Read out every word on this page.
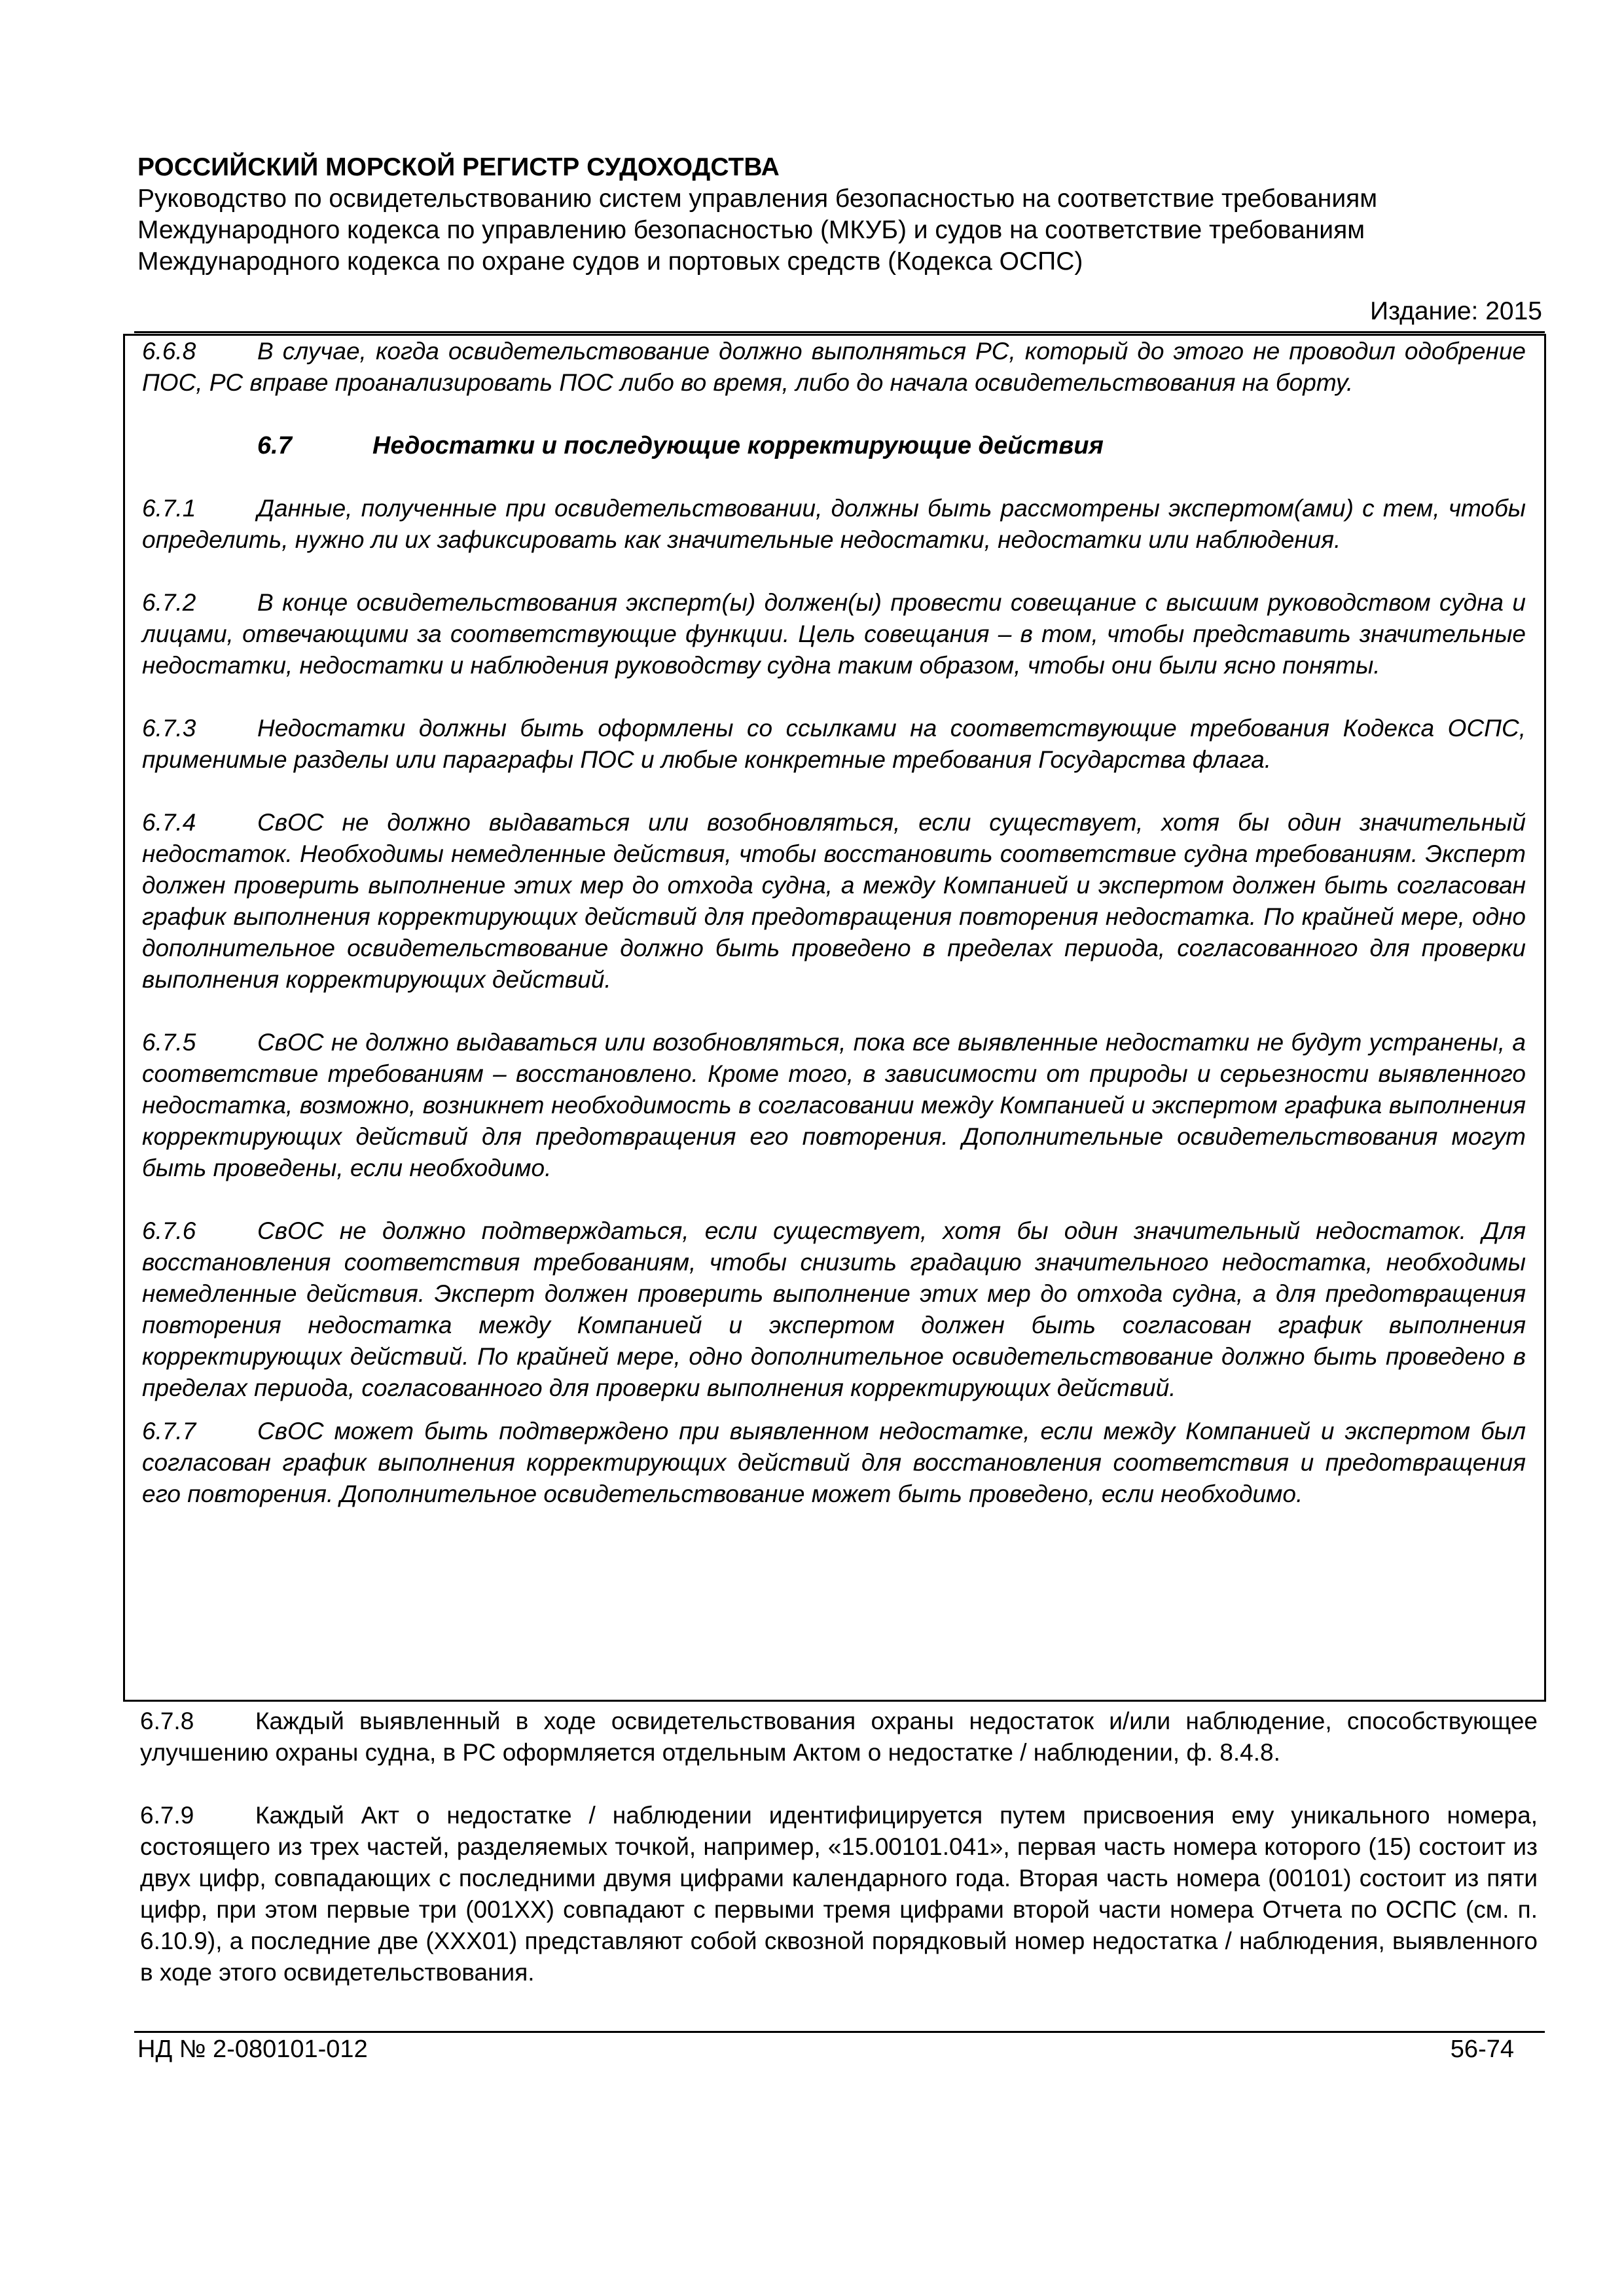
РОССИЙСКИЙ МОРСКОЙ РЕГИСТР СУДОХОДСТВА
Руководство по освидетельствованию систем управления безопасностью на соответствие требованиям Международного кодекса по управлению безопасностью (МКУБ) и судов на соответствие требованиям Международного кодекса по охране судов и портовых средств (Кодекса ОСПС)
Издание: 2015

6.6.8	В случае, когда освидетельствование должно выполняться РС, который до этого не проводил одобрение ПОС, РС вправе проанализировать ПОС либо во время, либо до начала освидетельствования на борту.

6.7	Недостатки и последующие корректирующие действия

6.7.1	Данные, полученные при освидетельствовании, должны быть рассмотрены экспертом(ами) с тем, чтобы определить, нужно ли их зафиксировать как значительные недостатки, недостатки или наблюдения.

6.7.2	В конце освидетельствования эксперт(ы) должен(ы) провести совещание с высшим руководством судна и лицами, отвечающими за соответствующие функции. Цель совещания – в том, чтобы представить значительные недостатки, недостатки и наблюдения руководству судна таким образом, чтобы они были ясно поняты.

6.7.3	Недостатки должны быть оформлены со ссылками на соответствующие требования Кодекса ОСПС, применимые разделы или параграфы ПОС и любые конкретные требования Государства флага.

6.7.4	СвОС не должно выдаваться или возобновляться, если существует, хотя бы один значительный недостаток. Необходимы немедленные действия, чтобы восстановить соответствие судна требованиям. Эксперт должен проверить выполнение этих мер до отхода судна, а между Компанией и экспертом должен быть согласован график выполнения корректирующих действий для предотвращения повторения недостатка. По крайней мере, одно дополнительное освидетельствование должно быть проведено в пределах периода, согласованного для проверки выполнения корректирующих действий.

6.7.5	СвОС не должно выдаваться или возобновляться, пока все выявленные недостатки не будут устранены, а соответствие требованиям – восстановлено. Кроме того, в зависимости от природы и серьезности выявленного недостатка, возможно, возникнет необходимость в согласовании между Компанией и экспертом графика выполнения корректирующих действий для предотвращения его повторения. Дополнительные освидетельствования могут быть проведены, если необходимо.

6.7.6	СвОС не должно подтверждаться, если существует, хотя бы один значительный недостаток. Для восстановления соответствия требованиям, чтобы снизить градацию значительного недостатка, необходимы немедленные действия. Эксперт должен проверить выполнение этих мер до отхода судна, а для предотвращения повторения недостатка между Компанией и экспертом должен быть согласован график выполнения корректирующих действий. По крайней мере, одно дополнительное освидетельствование должно быть проведено в пределах периода, согласованного для проверки выполнения корректирующих действий.

6.7.7	СвОС может быть подтверждено при выявленном недостатке, если между Компанией и экспертом был согласован график выполнения корректирующих действий для восстановления соответствия и предотвращения его повторения. Дополнительное освидетельствование может быть проведено, если необходимо.

6.7.8	Каждый выявленный в ходе освидетельствования охраны недостаток и/или наблюдение, способствующее улучшению охраны судна, в РС оформляется отдельным Актом о недостатке / наблюдении, ф. 8.4.8.

6.7.9	Каждый Акт о недостатке / наблюдении идентифицируется путем присвоения ему уникального номера, состоящего из трех частей, разделяемых точкой, например, «15.00101.041», первая часть номера которого (15) состоит из двух цифр, совпадающих с последними двумя цифрами календарного года. Вторая часть номера (00101) состоит из пяти цифр, при этом первые три (001ХХ) совпадают с первыми тремя цифрами второй части номера Отчета по ОСПС (см. п. 6.10.9), а последние две (ХХХ01) представляют собой сквозной порядковый номер недостатка / наблюдения, выявленного в ходе этого освидетельствования.

НД № 2-080101-012	56-74
